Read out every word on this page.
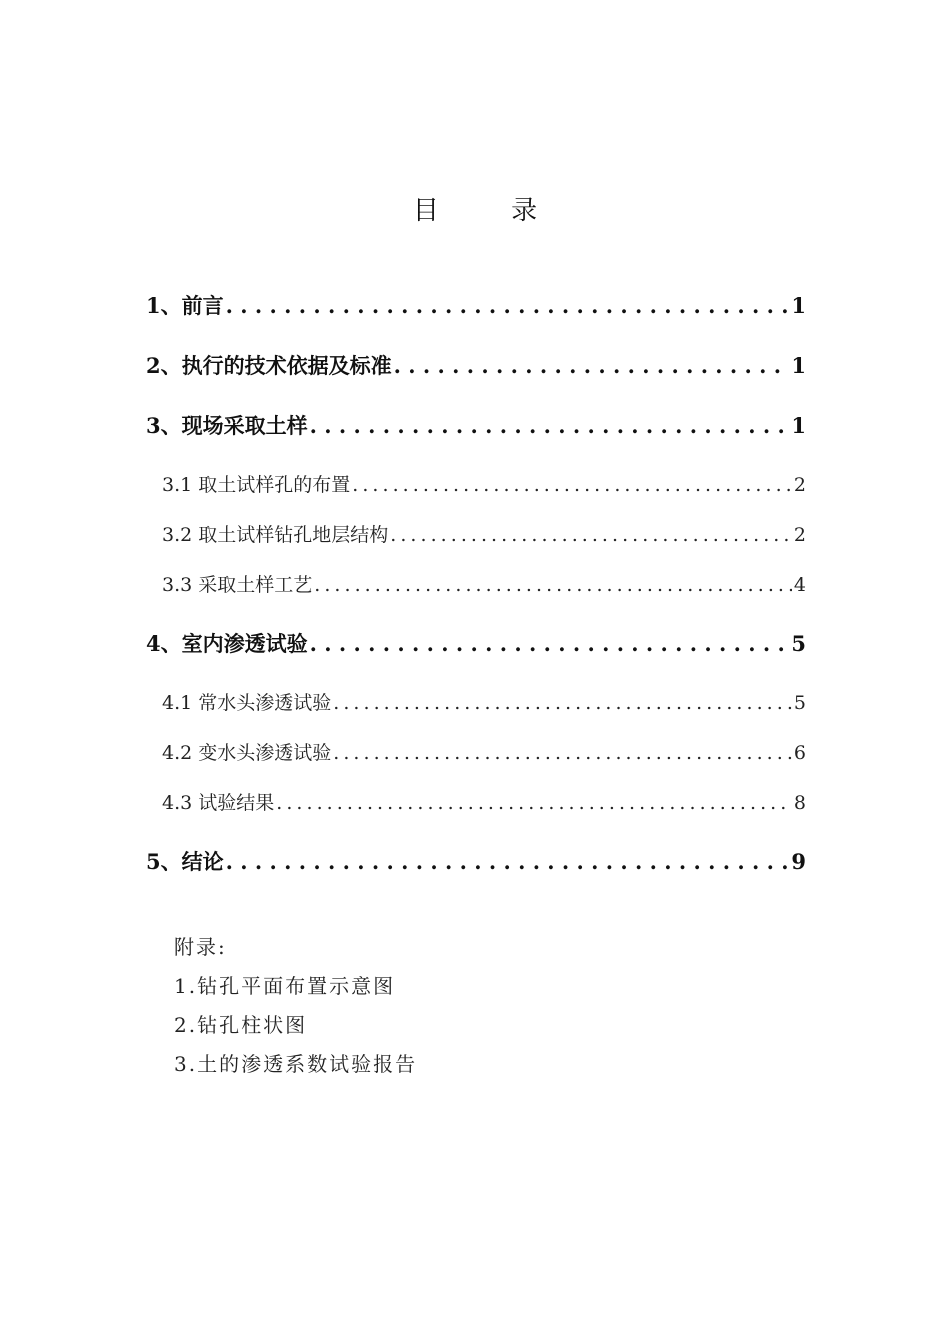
目 录
1、前言 . . .	1
2、执行的技术依据及标准 . . .	1
3、现场采取土样 . . .	1
3.1 取土试样孔的布置 . . .	2
3.2 取土试样钻孔地层结构 . . .	2
3.3 采取土样工艺 . . .	4
4、室内渗透试验 . . .	5
4.1 常水头渗透试验 . . .	5
4.2 变水头渗透试验 . . .	6
4.3 试验结果 . . .	8
5、结论 . . .	9
附录:
1.钻孔平面布置示意图
2.钻孔柱状图
3.土的渗透系数试验报告
